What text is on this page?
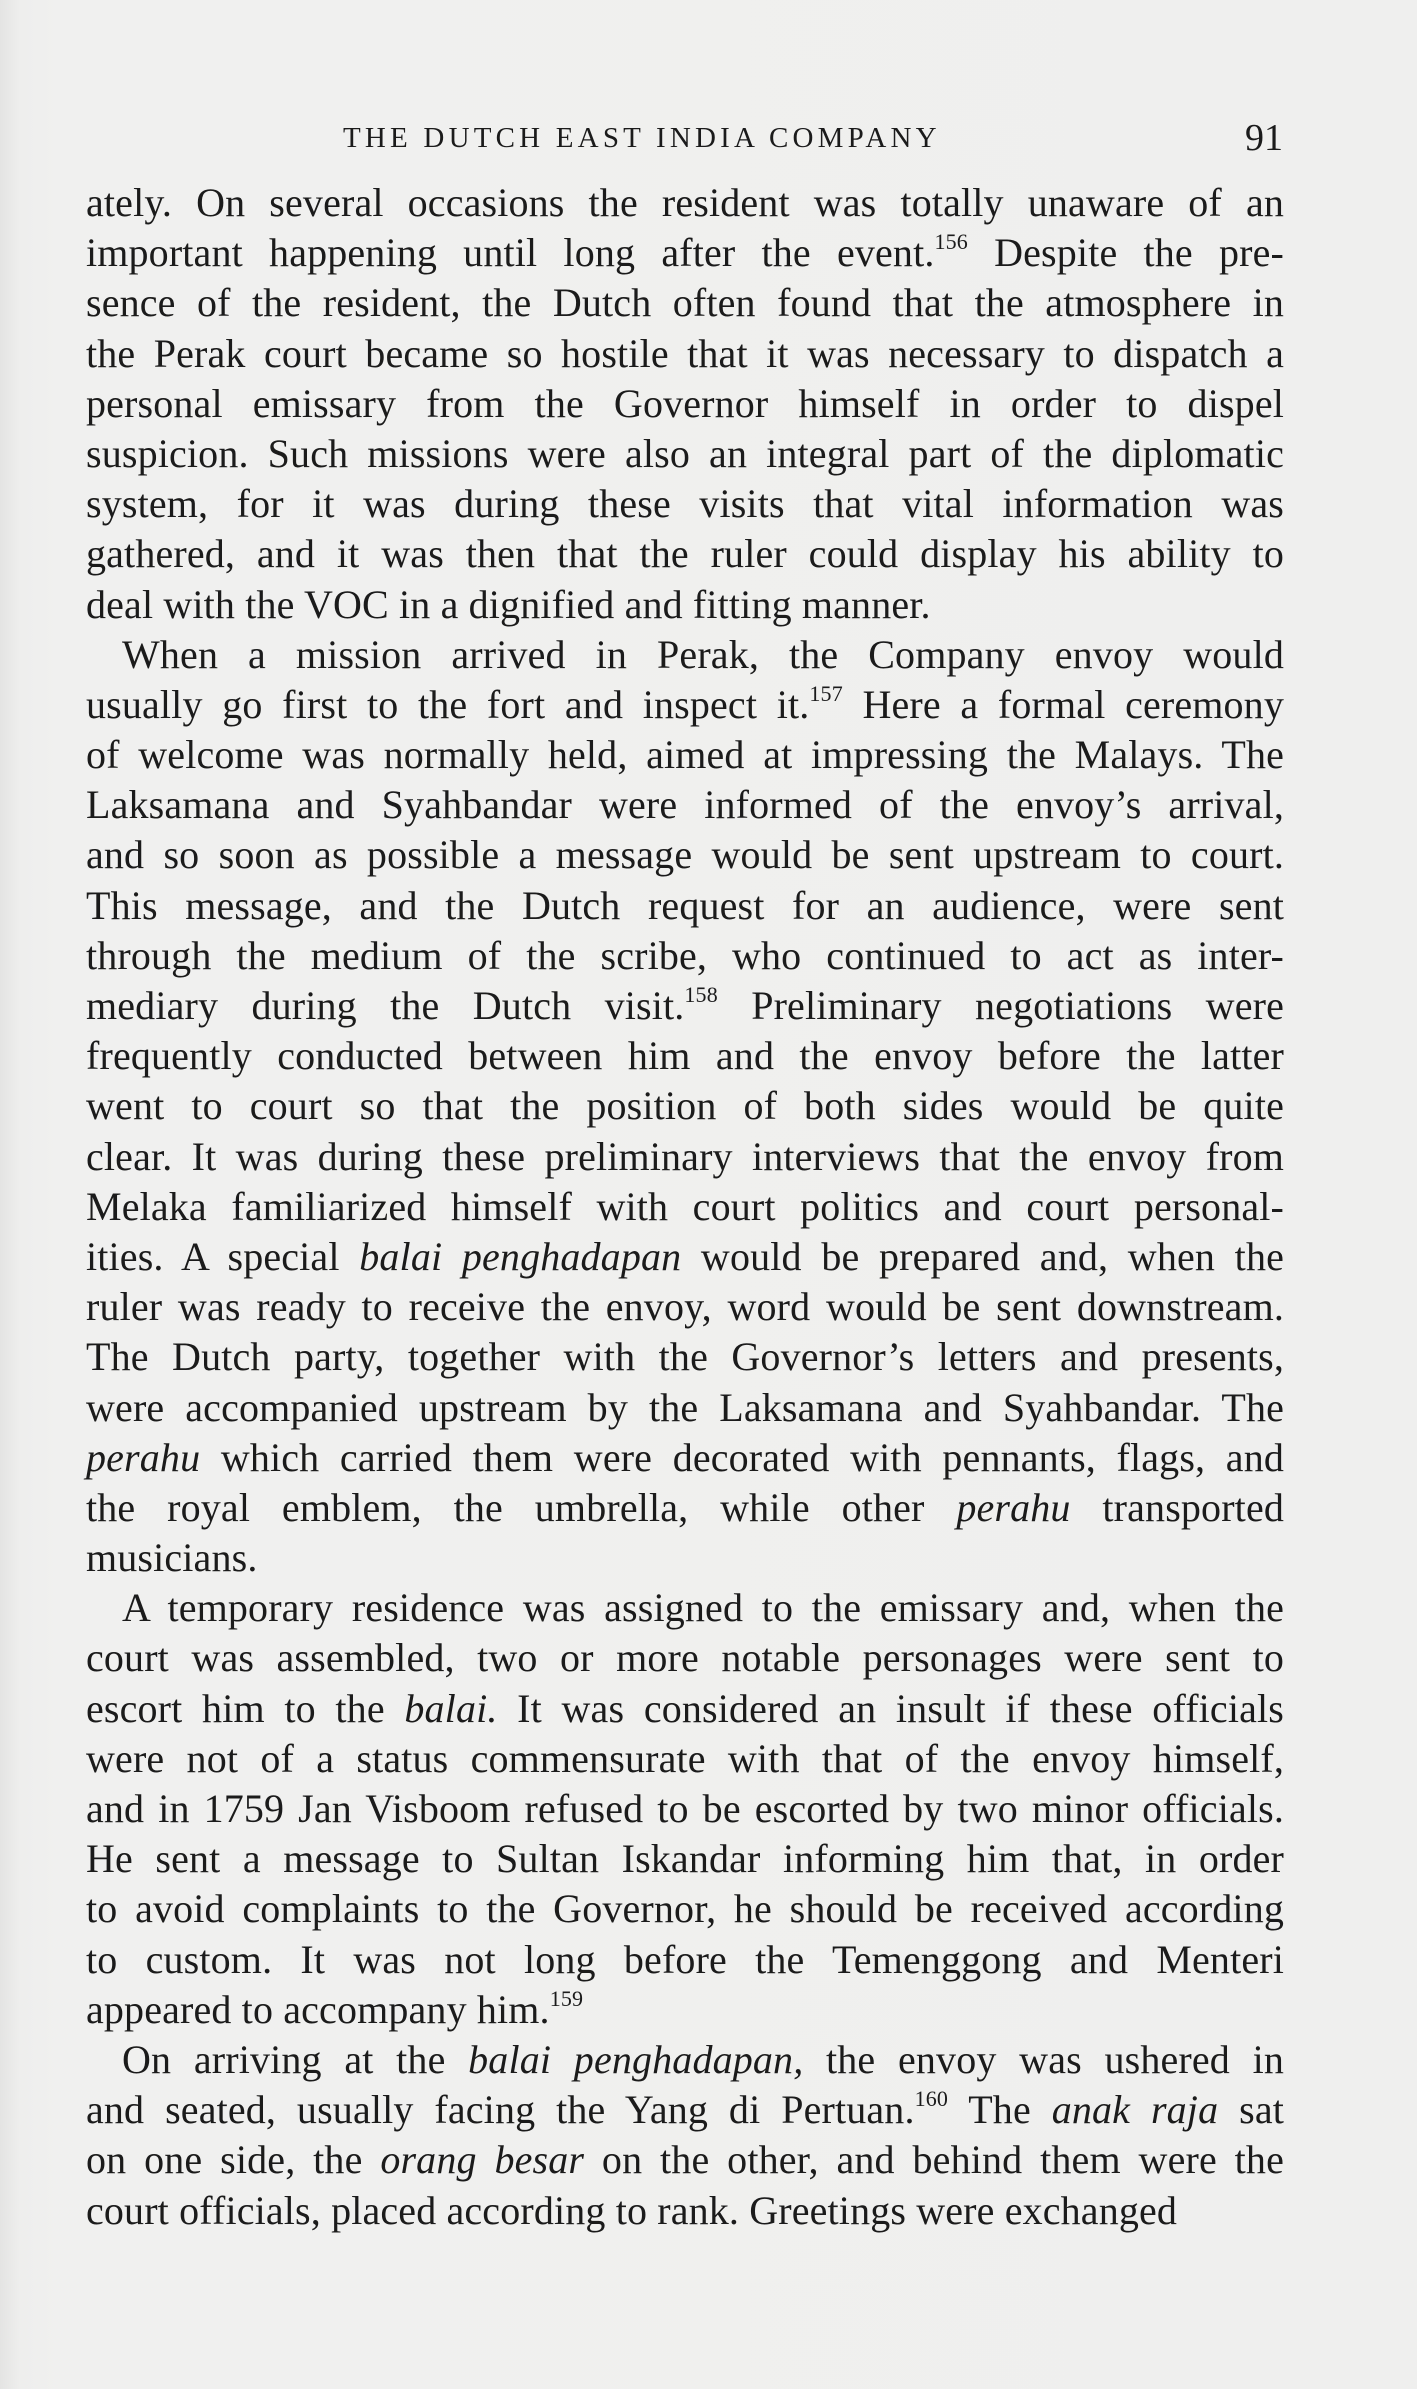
THE DUTCH EAST INDIA COMPANY	91
ately. On several occasions the resident was totally unaware of an
important happening until long after the event.$^{156}$ Despite the pre-
sence of the resident, the Dutch often found that the atmosphere in
the Perak court became so hostile that it was necessary to dispatch a
personal emissary from the Governor himself in order to dispel
suspicion. Such missions were also an integral part of the diplomatic
system, for it was during these visits that vital information was
gathered, and it was then that the ruler could display his ability to
deal with the VOC in a dignified and fitting manner.
When a mission arrived in Perak, the Company envoy would
usually go first to the fort and inspect it.$^{157}$ Here a formal ceremony
of welcome was normally held, aimed at impressing the Malays. The
Laksamana and Syahbandar were informed of the envoy’s arrival,
and so soon as possible a message would be sent upstream to court.
This message, and the Dutch request for an audience, were sent
through the medium of the scribe, who continued to act as inter-
mediary during the Dutch visit.$^{158}$ Preliminary negotiations were
frequently conducted between him and the envoy before the latter
went to court so that the position of both sides would be quite
clear. It was during these preliminary interviews that the envoy from
Melaka familiarized himself with court politics and court personal-
ities. A special balai penghadapan would be prepared and, when the
ruler was ready to receive the envoy, word would be sent downstream.
The Dutch party, together with the Governor’s letters and presents,
were accompanied upstream by the Laksamana and Syahbandar. The
perahu which carried them were decorated with pennants, flags, and
the royal emblem, the umbrella, while other perahu transported
musicians.
A temporary residence was assigned to the emissary and, when the
court was assembled, two or more notable personages were sent to
escort him to the balai. It was considered an insult if these officials
were not of a status commensurate with that of the envoy himself,
and in 1759 Jan Visboom refused to be escorted by two minor officials.
He sent a message to Sultan Iskandar informing him that, in order
to avoid complaints to the Governor, he should be received according
to custom. It was not long before the Temenggong and Menteri
appeared to accompany him.$^{159}$
On arriving at the balai penghadapan, the envoy was ushered in
and seated, usually facing the Yang di Pertuan.$^{160}$ The anak raja sat
on one side, the orang besar on the other, and behind them were the
court officials, placed according to rank. Greetings were exchanged
